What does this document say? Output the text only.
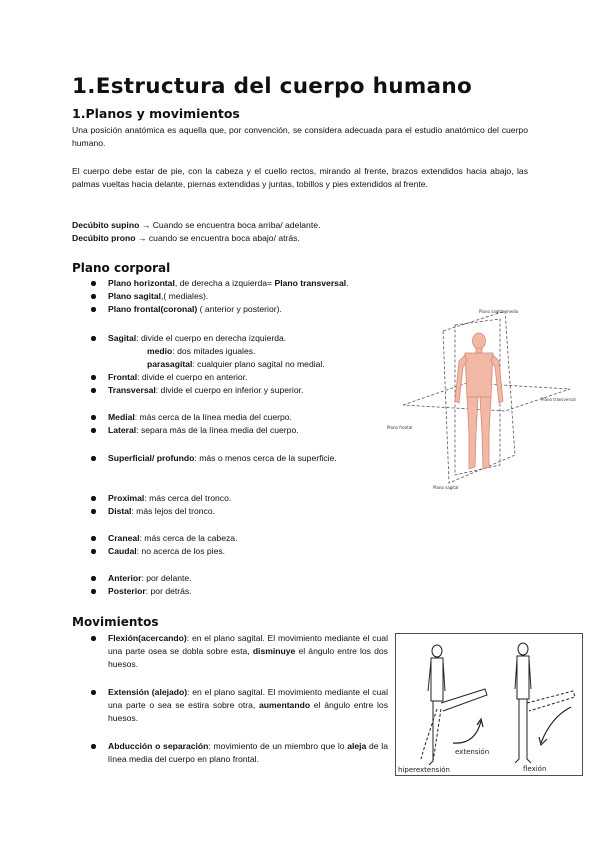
1.Estructura del cuerpo humano
1.Planos y movimientos

Una posición anatómica es aquella que, por convención, se considera adecuada para el estudio anatómico del cuerpo humano.

El cuerpo debe estar de pie, con la cabeza y el cuello rectos, mirando al frente, brazos extendidos hacia abajo, las palmas vueltas hacia delante, piernas extendidas y juntas, tobillos y pies extendidos al frente.

Decúbito supino → Cuando se encuentra boca arriba/ adelante.
Decúbito prono → cuando se encuentra boca abajo/ atrás.
Plano corporal
Plano horizontal, de derecha a izquierda= Plano transversal.
Plano sagital,( mediales).
Plano frontal(coronal) ( anterior y posterior).
Sagital: divide el cuerpo en derecha izquierda.
medio: dos mitades iguales.
parasagital: cualquier plano sagital no medial.
Frontal: divide el cuerpo en anterior.
Transversal: divide el cuerpo en inferior y superior.
Medial: más cerca de la línea media del cuerpo.
Lateral: separa más de la línea media del cuerpo.
Superficial/ profundo: más o menos cerca de la superficie.
Proximal: más cerca del tronco.
Distal: más lejos del tronco.
Craneal: más cerca de la cabeza.
Caudal: no acerca de los pies.
Anterior: por delante.
Posterior: por detrás.
Movimientos
Flexión(acercando): en el plano sagital. El movimiento mediante el cual una parte osea se dobla sobre esta, disminuye el ángulo entre los dos huesos.
Extensión (alejado): en el plano sagital. El movimiento mediante el cual una parte o sea se estira sobre otra, aumentando el ángulo entre los huesos.
Abducción o separación: movimiento de un miembro que lo aleja de la línea media del cuerpo en plano frontal.
Plano sagital medio
Plano transversal
Plano frontal
Plano sagital
extensión
hiperextensión	flexión
